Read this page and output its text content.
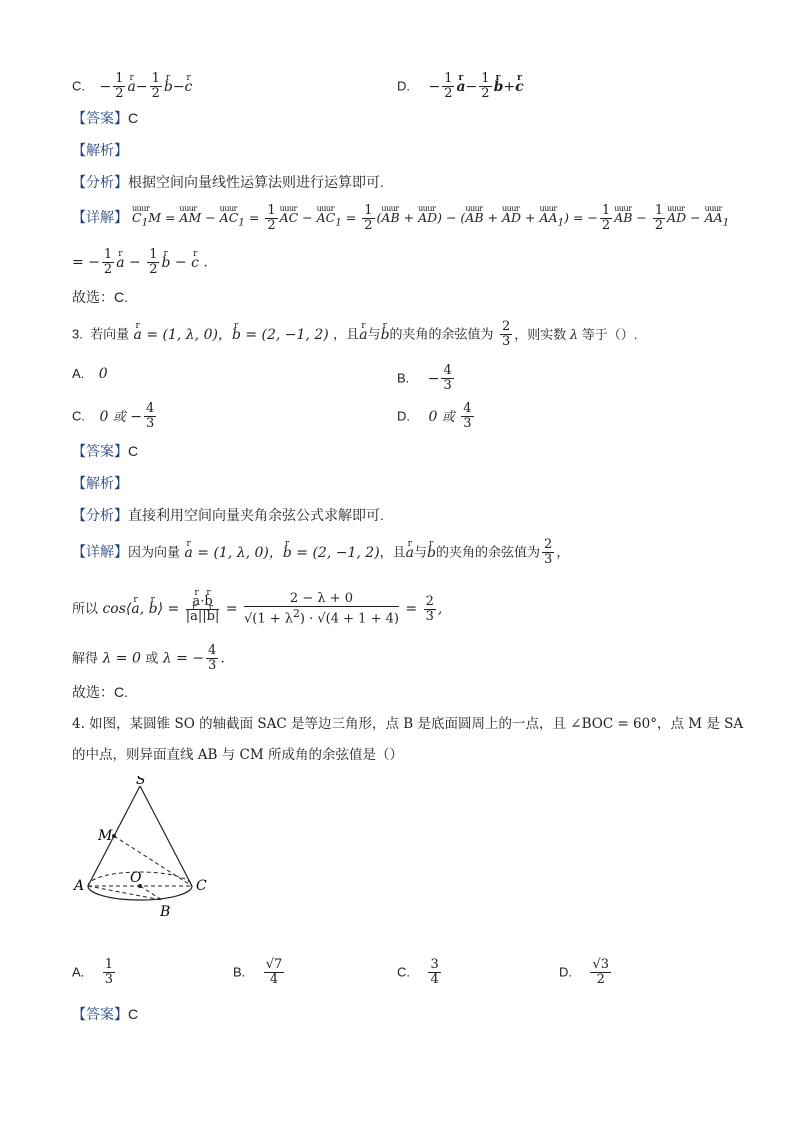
C. − $\frac{1}{2}$ r $a- \frac{1}{2}$ r b−r c	D. − $\frac{1}{2}$ r $a- \frac{1}{2}$ r b+r c
【答案】C
【解析】
【分析】根据空间向量线性运算法则进行运算即可.
【详解】 uuur $C_1M$ = uuur AM − uuur $AC_1 = \frac{1}{2}$ uuur AC − uuur $AC_1 = \frac{1}{2}$ (uuur AB + uuur AD) − (uuur AB + uuur AD + uuur $AA_1$) = − $\frac{1}{2}$ uuur AB − $\frac{1}{2}$ uuur AD − uuur $AA_1$
= − $\frac{1}{2}$ r $a - \frac{1}{2}$ r b − r c .
故选：C.
3.  若向量 r a = (1, λ, 0)，r b = (2, −1, 2) ，且r a与r b的夹角的余弦值为 $\frac{2}{3}$ ，则实数 λ 等于（）.
A. 0	B. − $\frac{4}{3}$
C. 0 或 − $\frac{4}{3}$	D. 0 或 $\frac{4}{3}$
【答案】C
【解析】
【分析】直接利用空间向量夹角余弦公式求解即可.
【详解】因为向量 r a = (1, λ, 0)，r b = (2, −1, 2)，且r a与r b的夹角的余弦值为 $\frac{2}{3}$ ，
所以 cos⟨r a, r b⟩ = r $\frac{\text{a·r b}}{\text{|r a||r b|}} = \frac{2 - \lambda + 0}{√(1 + \lambda^2) \cdot √(4 + 1 + 4)} = \frac{2}{3}$ ,
解得 λ = 0 或 λ = − $\frac{4}{3}$ .
故选：C.
4. 如图，某圆锥 SO 的轴截面 SAC 是等边三角形，点 B 是底面圆周上的一点，且 ∠BOC = 60°，点 M 是 SA
的中点，则异面直线 AB 与 CM 所成角的余弦值是（）
S
M
A	O	C
B
A. $\frac{1}{3}$	B. $\frac{√7}{4}$	C. $\frac{3}{4}$	D. $\frac{√3}{2}$
【答案】C
